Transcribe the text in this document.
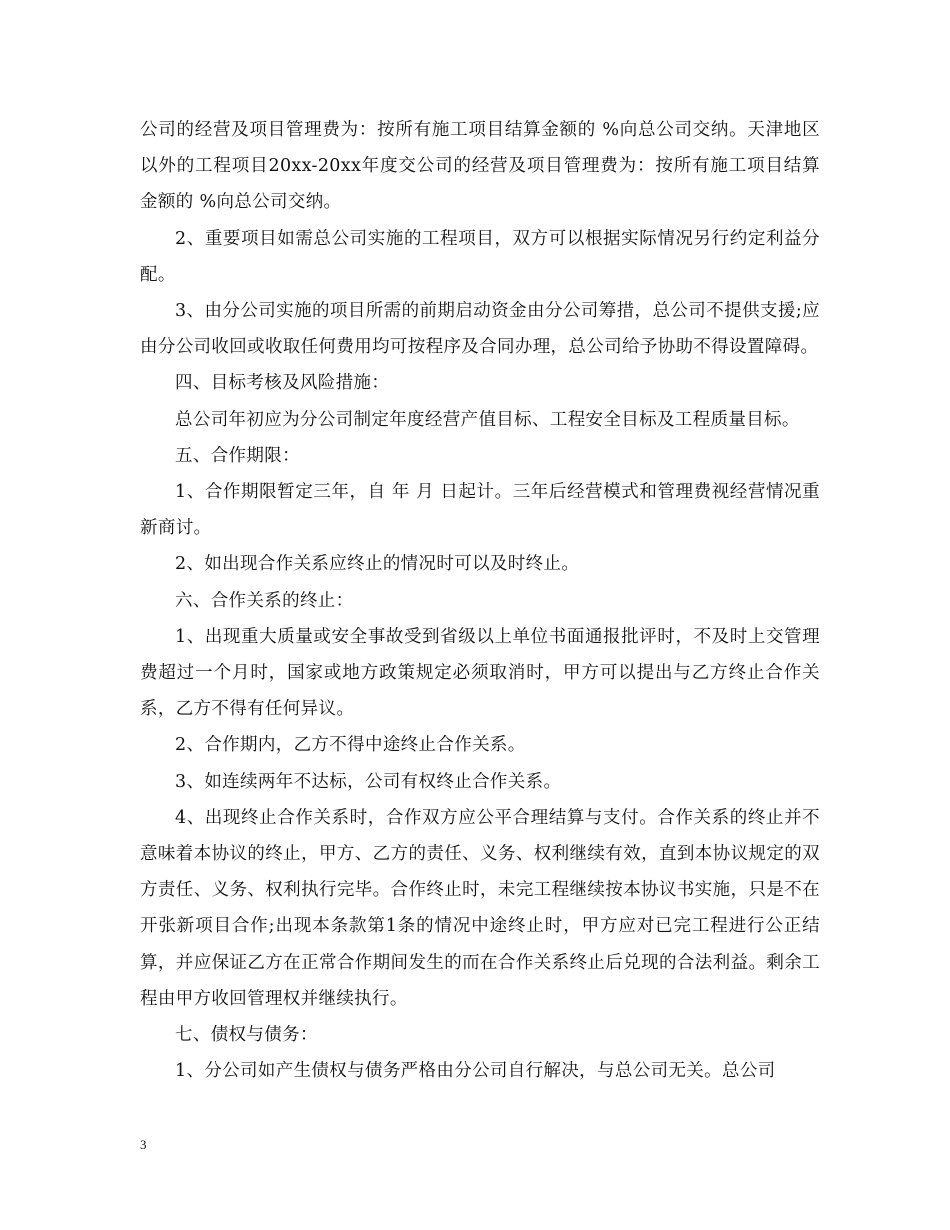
公司的经营及项目管理费为：按所有施工项目结算金额的 %向总公司交纳。天津地区以外的工程项目20xx-20xx年度交公司的经营及项目管理费为：按所有施工项目结算金额的 %向总公司交纳。

2、重要项目如需总公司实施的工程项目，双方可以根据实际情况另行约定利益分配。

3、由分公司实施的项目所需的前期启动资金由分公司筹措，总公司不提供支援;应由分公司收回或收取任何费用均可按程序及合同办理，总公司给予协助不得设置障碍。

四、目标考核及风险措施：

总公司年初应为分公司制定年度经营产值目标、工程安全目标及工程质量目标。

五、合作期限：

1、合作期限暂定三年，自 年 月 日起计。三年后经营模式和管理费视经营情况重新商讨。

2、如出现合作关系应终止的情况时可以及时终止。

六、合作关系的终止：

1、出现重大质量或安全事故受到省级以上单位书面通报批评时，不及时上交管理费超过一个月时，国家或地方政策规定必须取消时，甲方可以提出与乙方终止合作关系，乙方不得有任何异议。

2、合作期内，乙方不得中途终止合作关系。

3、如连续两年不达标，公司有权终止合作关系。

4、出现终止合作关系时，合作双方应公平合理结算与支付。合作关系的终止并不意味着本协议的终止，甲方、乙方的责任、义务、权利继续有效，直到本协议规定的双方责任、义务、权利执行完毕。合作终止时，未完工程继续按本协议书实施，只是不在开张新项目合作;出现本条款第1条的情况中途终止时，甲方应对已完工程进行公正结算，并应保证乙方在正常合作期间发生的而在合作关系终止后兑现的合法利益。剩余工程由甲方收回管理权并继续执行。

七、债权与债务：

1、分公司如产生债权与债务严格由分公司自行解决，与总公司无关。总公司

3
